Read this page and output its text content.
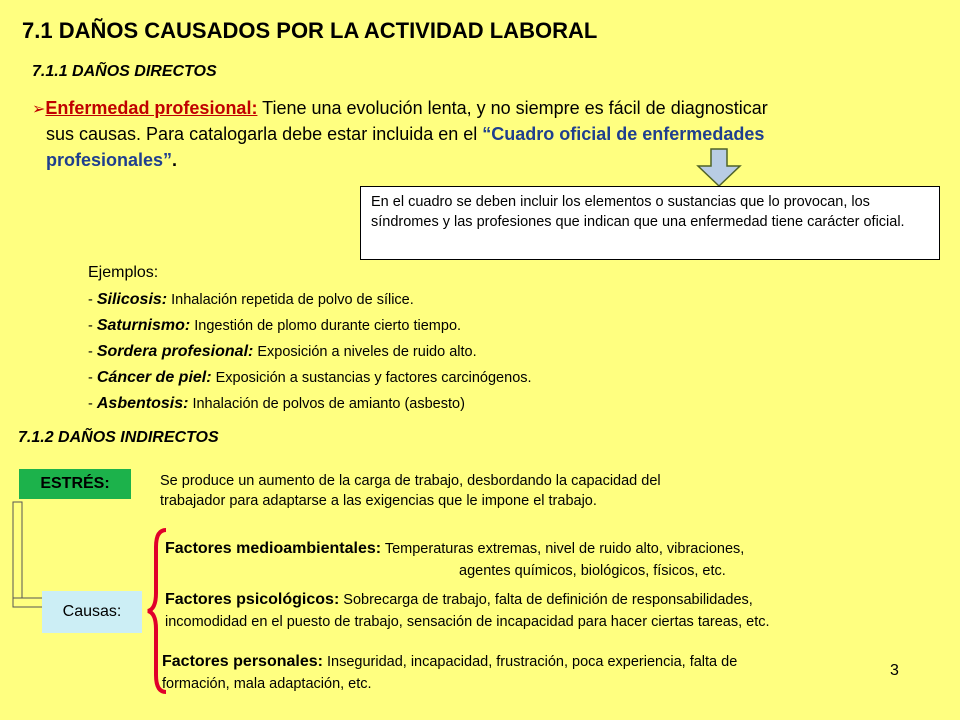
7.1 DAÑOS CAUSADOS POR LA ACTIVIDAD LABORAL
7.1.1 DAÑOS DIRECTOS
➢Enfermedad profesional: Tiene una evolución lenta, y no siempre es fácil de diagnosticar
sus causas. Para catalogarla debe estar incluida en el “Cuadro oficial de enfermedades
profesionales”.
En el cuadro se deben incluir los elementos o sustancias que lo provocan, los síndromes y las profesiones que indican que una enfermedad tiene carácter oficial.
Ejemplos:
- Silicosis: Inhalación repetida de polvo de sílice.
- Saturnismo: Ingestión de plomo durante cierto tiempo.
- Sordera profesional: Exposición a niveles de ruido alto.
- Cáncer de piel: Exposición a sustancias y factores carcinógenos.
- Asbentosis: Inhalación de polvos de amianto (asbesto)
7.1.2 DAÑOS INDIRECTOS
ESTRÉS:	Se produce un aumento de la carga de trabajo, desbordando la capacidad del
trabajador para adaptarse a las exigencias que le impone el trabajo.
Causas:
Factores medioambientales: Temperaturas extremas, nivel de ruido alto, vibraciones,
agentes químicos, biológicos, físicos, etc.
Factores psicológicos: Sobrecarga de trabajo, falta de definición de responsabilidades,
incomodidad en el puesto de trabajo, sensación de incapacidad para hacer ciertas tareas, etc.
Factores personales: Inseguridad, incapacidad, frustración, poca experiencia, falta de
formación, mala adaptación, etc.
3
